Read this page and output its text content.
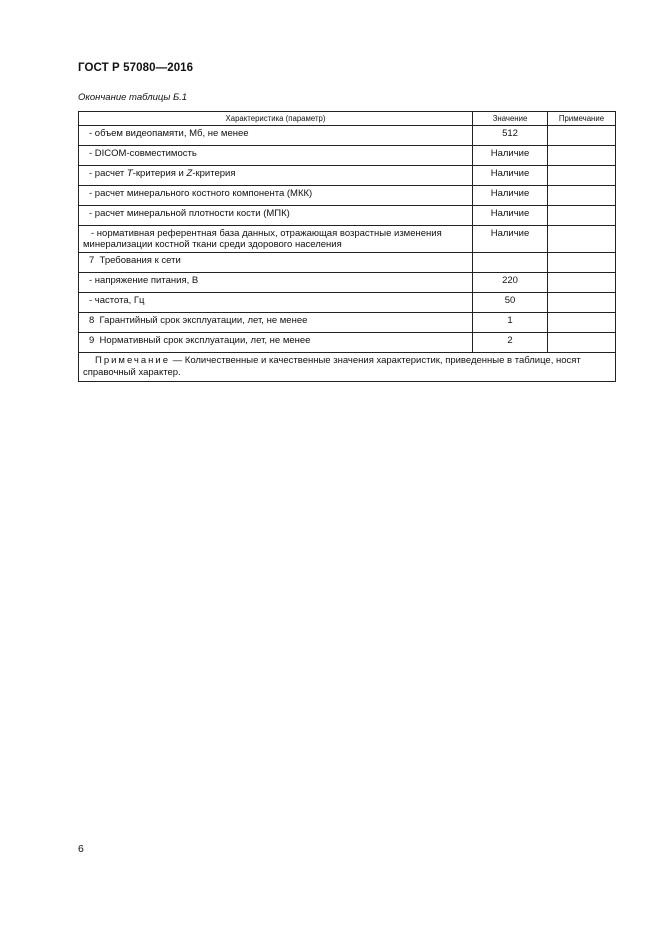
ГОСТ Р 57080—2016
Окончание таблицы Б.1
Характеристика (параметр)	Значение	Примечание
- объем видеопамяти, Мб, не менее	512	
- DICOM-совместимость	Наличие	
- расчет Т-критерия и Z-критерия	Наличие	
- расчет минерального костного компонента (МКК)	Наличие	
- расчет минеральной плотности кости (МПК)	Наличие	
- нормативная референтная база данных, отражающая возрастные изменения минерализации костной ткани среди здорового населения	Наличие	
7  Требования к сети		
- напряжение питания, В	220	
- частота, Гц	50	
8  Гарантийный срок эксплуатации, лет, не менее	1	
9  Нормативный срок эксплуатации, лет, не менее	2	
Примечание — Количественные и качественные значения характеристик, приведенные в таблице, носят справочный характер.		
6
